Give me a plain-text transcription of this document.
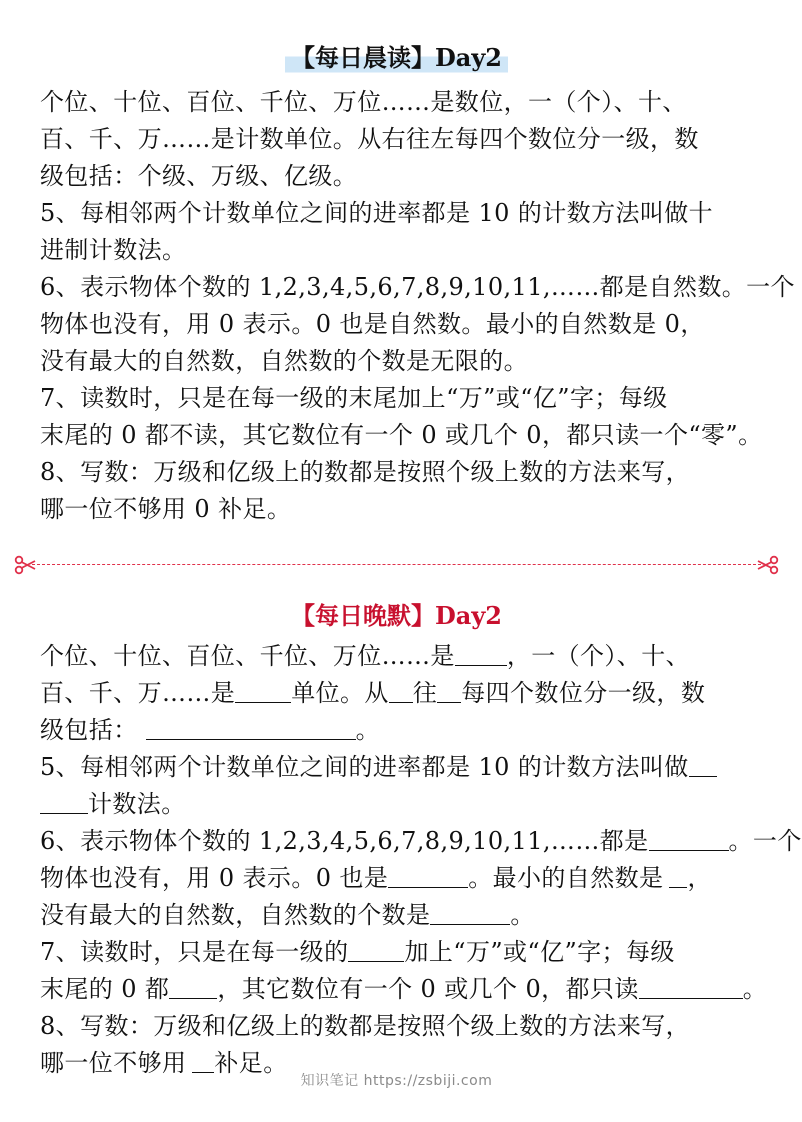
【每日晨读】Day2
个位、十位、百位、千位、万位……是数位，一（个）、十、
百、千、万……是计数单位。从右往左每四个数位分一级，数
级包括：个级、万级、亿级。
5、每相邻两个计数单位之间的进率都是 10 的计数方法叫做十
进制计数法。
6、表示物体个数的 1,2,3,4,5,6,7,8,9,10,11,……都是自然数。一个
物体也没有，用 0 表示。0 也是自然数。最小的自然数是 0，
没有最大的自然数，自然数的个数是无限的。
7、读数时，只是在每一级的末尾加上“万”或“亿”字；每级
末尾的 0 都不读，其它数位有一个 0 或几个 0，都只读一个“零”。
8、写数：万级和亿级上的数都是按照个级上数的方法来写，
哪一位不够用 0 补足。
【每日晚默】Day2
个位、十位、百位、千位、万位……是 ，一（个）、十、
百、千、万……是 单位。从 往 每四个数位分一级，数
级包括：	。
5、每相邻两个计数单位之间的进率都是 10 的计数方法叫做
计数法。
6、表示物体个数的 1,2,3,4,5,6,7,8,9,10,11,……都是	。一个
物体也没有，用 0 表示。0 也是	。最小的自然数是 ，
没有最大的自然数，自然数的个数是	。
7、读数时，只是在每一级的 加上“万”或“亿”字；每级
末尾的 0 都 ，其它数位有一个 0 或几个 0，都只读	。
8、写数：万级和亿级上的数都是按照个级上数的方法来写，
哪一位不够用 补足。
知识笔记 https://zsbiji.com
